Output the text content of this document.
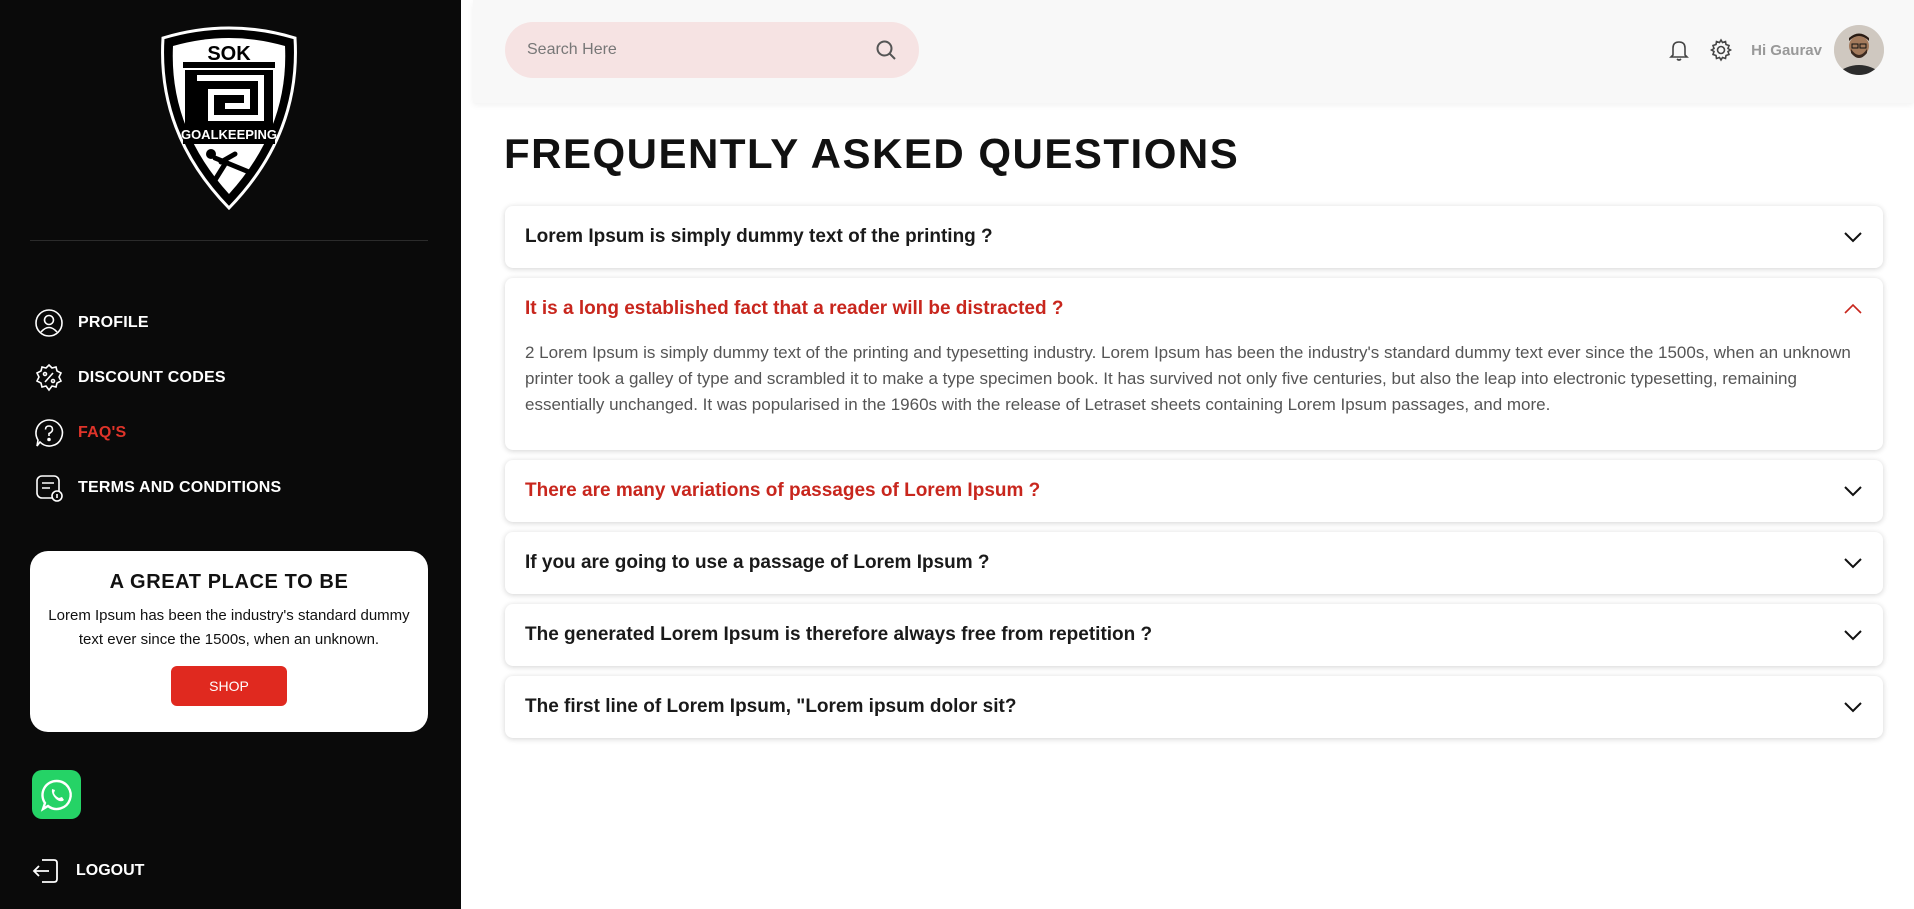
SOK
GOALKEEPING
PROFILE
DISCOUNT CODES
FAQ'S
TERMS AND CONDITIONS
A GREAT PLACE TO BE
Lorem Ipsum has been the industry's standard dummy text ever since the 1500s, when an unknown.
SHOP
LOGOUT
Search Here
Hi Gaurav
FREQUENTLY ASKED QUESTIONS
Lorem Ipsum is simply dummy text of the printing ?
It is a long established fact that a reader will be distracted ?
2 Lorem Ipsum is simply dummy text of the printing and typesetting industry. Lorem Ipsum has been the industry's standard dummy text ever since the 1500s, when an unknown printer took a galley of type and scrambled it to make a type specimen book. It has survived not only five centuries, but also the leap into electronic typesetting, remaining essentially unchanged. It was popularised in the 1960s with the release of Letraset sheets containing Lorem Ipsum passages, and more.
There are many variations of passages of Lorem Ipsum ?
If you are going to use a passage of Lorem Ipsum ?
The generated Lorem Ipsum is therefore always free from repetition ?
The first line of Lorem Ipsum, "Lorem ipsum dolor sit?
